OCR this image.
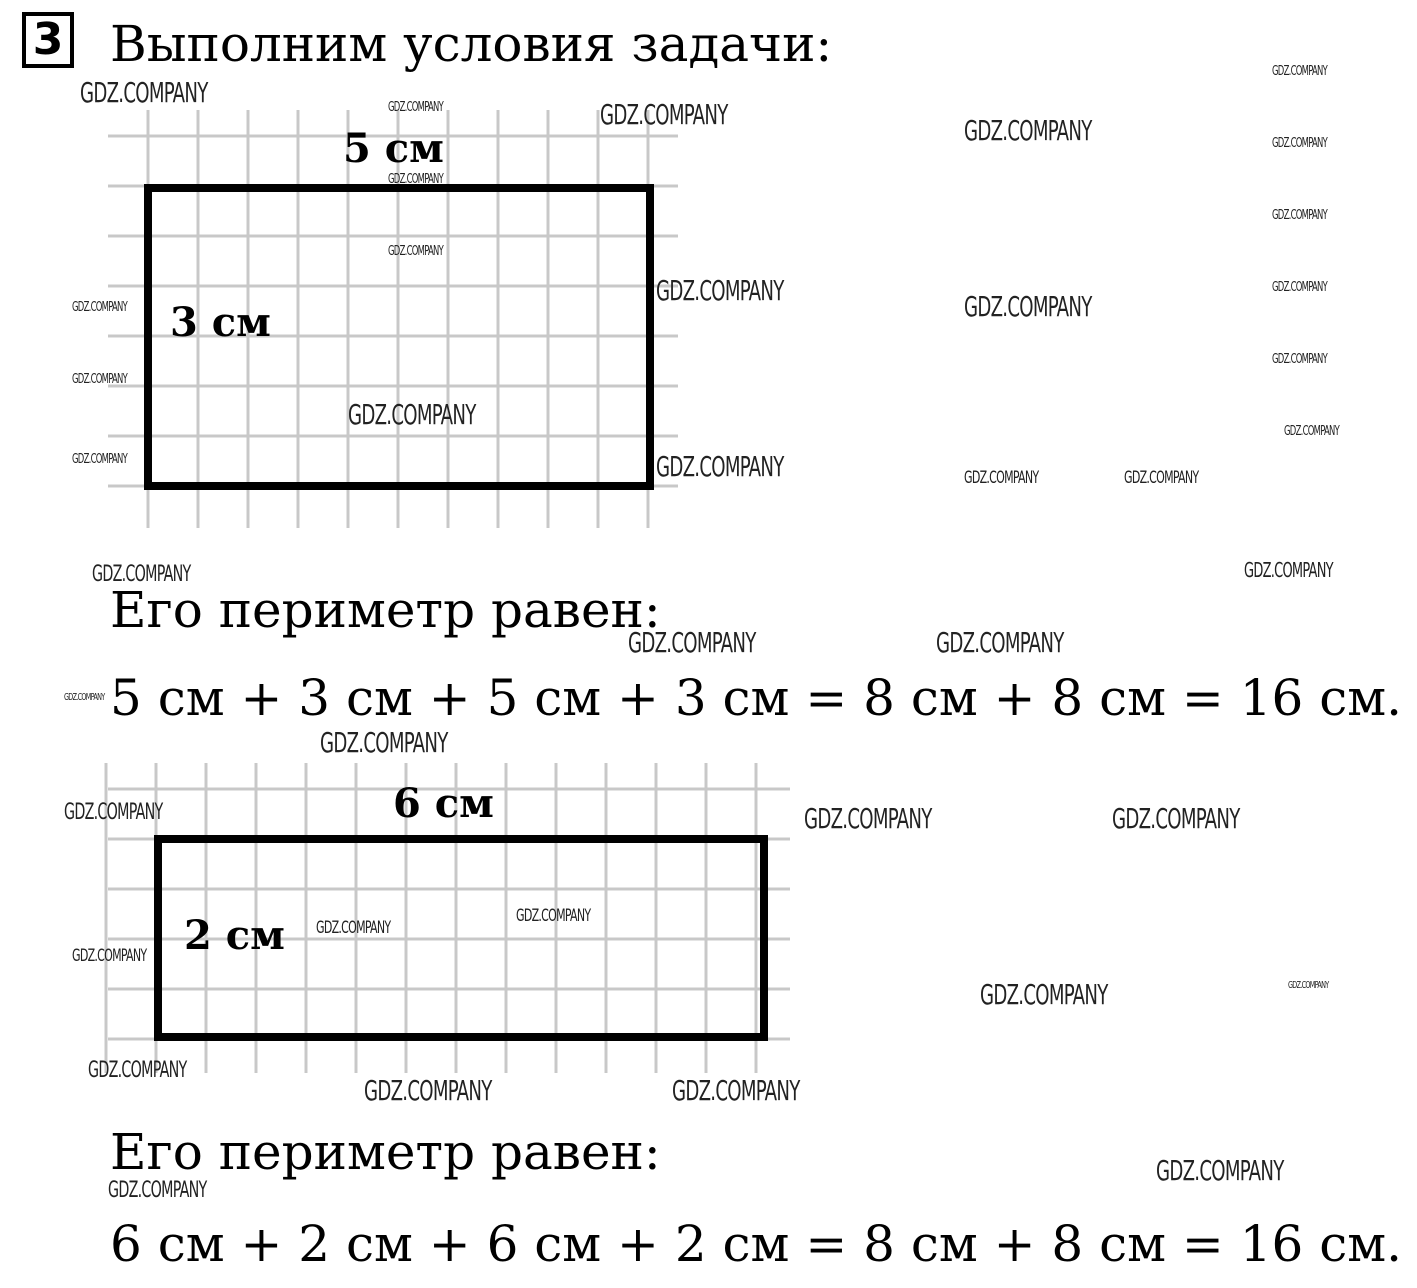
3 Выполним условия задачи:
5 см
3 см
Его периметр равен:
5 см + 3 см + 5 см + 3 см = 8 см + 8 см = 16 см.
6 см
2 см
Его периметр равен:
6 см + 2 см + 6 см + 2 см = 8 см + 8 см = 16 см.
GDZ.COMPANY	GDZ.COMPANY	GDZ.COMPANY	GDZ.COMPANY
GDZ.COMPANY
GDZ.COMPANY
GDZ.COMPANY
GDZ.COMPANY
GDZ.COMPANY
GDZ.COMPANY
GDZ.COMPANY	GDZ.COMPANY
GDZ.COMPANY
GDZ.COMPANY
GDZ.COMPANY
GDZ.COMPANY
GDZ.COMPANY
GDZ.COMPANY	GDZ.COMPANY	GDZ.COMPANY	GDZ.COMPANY
GDZ.COMPANY
GDZ.COMPANY
GDZ.COMPANY	GDZ.COMPANY
GDZ.COMPANY
GDZ.COMPANY
GDZ.COMPANY	GDZ.COMPANY	GDZ.COMPANY
GDZ.COMPANY
GDZ.COMPANY
GDZ.COMPANY
GDZ.COMPANY
GDZ.COMPANY
GDZ.COMPANY
GDZ.COMPANY	GDZ.COMPANY
GDZ.COMPANY
GDZ.COMPANY
